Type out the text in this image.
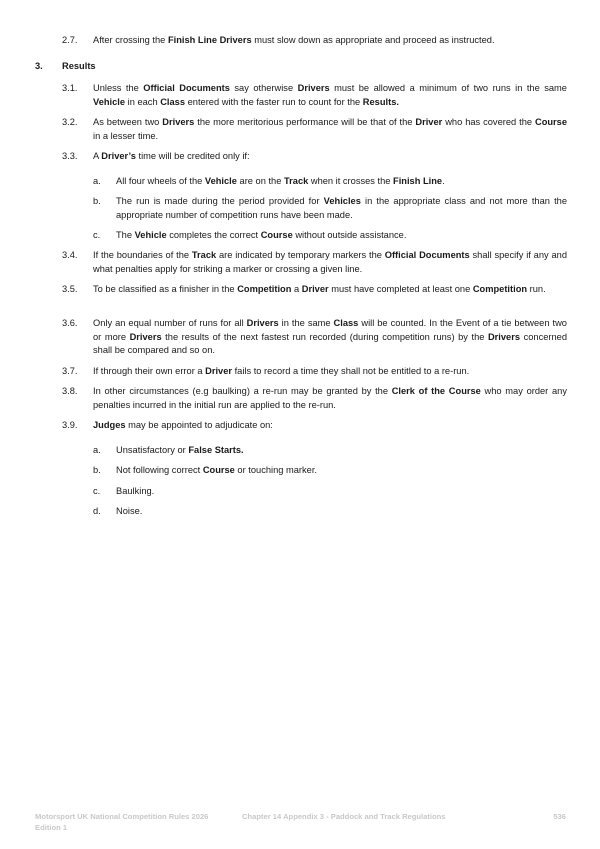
2.7. After crossing the Finish Line Drivers must slow down as appropriate and proceed as instructed.
3. Results
3.1. Unless the Official Documents say otherwise Drivers must be allowed a minimum of two runs in the same Vehicle in each Class entered with the faster run to count for the Results.
3.2. As between two Drivers the more meritorious performance will be that of the Driver who has covered the Course in a lesser time.
3.3. A Driver’s time will be credited only if:
a. All four wheels of the Vehicle are on the Track when it crosses the Finish Line.
b. The run is made during the period provided for Vehicles in the appropriate class and not more than the appropriate number of competition runs have been made.
c. The Vehicle completes the correct Course without outside assistance.
3.4. If the boundaries of the Track are indicated by temporary markers the Official Documents shall specify if any and what penalties apply for striking a marker or crossing a given line.
3.5. To be classified as a finisher in the Competition a Driver must have completed at least one Competition run.
3.6. Only an equal number of runs for all Drivers in the same Class will be counted. In the Event of a tie between two or more Drivers the results of the next fastest run recorded (during competition runs) by the Drivers concerned shall be compared and so on.
3.7. If through their own error a Driver fails to record a time they shall not be entitled to a re-run.
3.8. In other circumstances (e.g baulking) a re-run may be granted by the Clerk of the Course who may order any penalties incurred in the initial run are applied to the re-run.
3.9. Judges may be appointed to adjudicate on:
a. Unsatisfactory or False Starts.
b. Not following correct Course or touching marker.
c. Baulking.
d. Noise.
Motorsport UK National Competition Rules 2026
Edition 1
Chapter 14 Appendix 3 - Paddock and Track Regulations	536
